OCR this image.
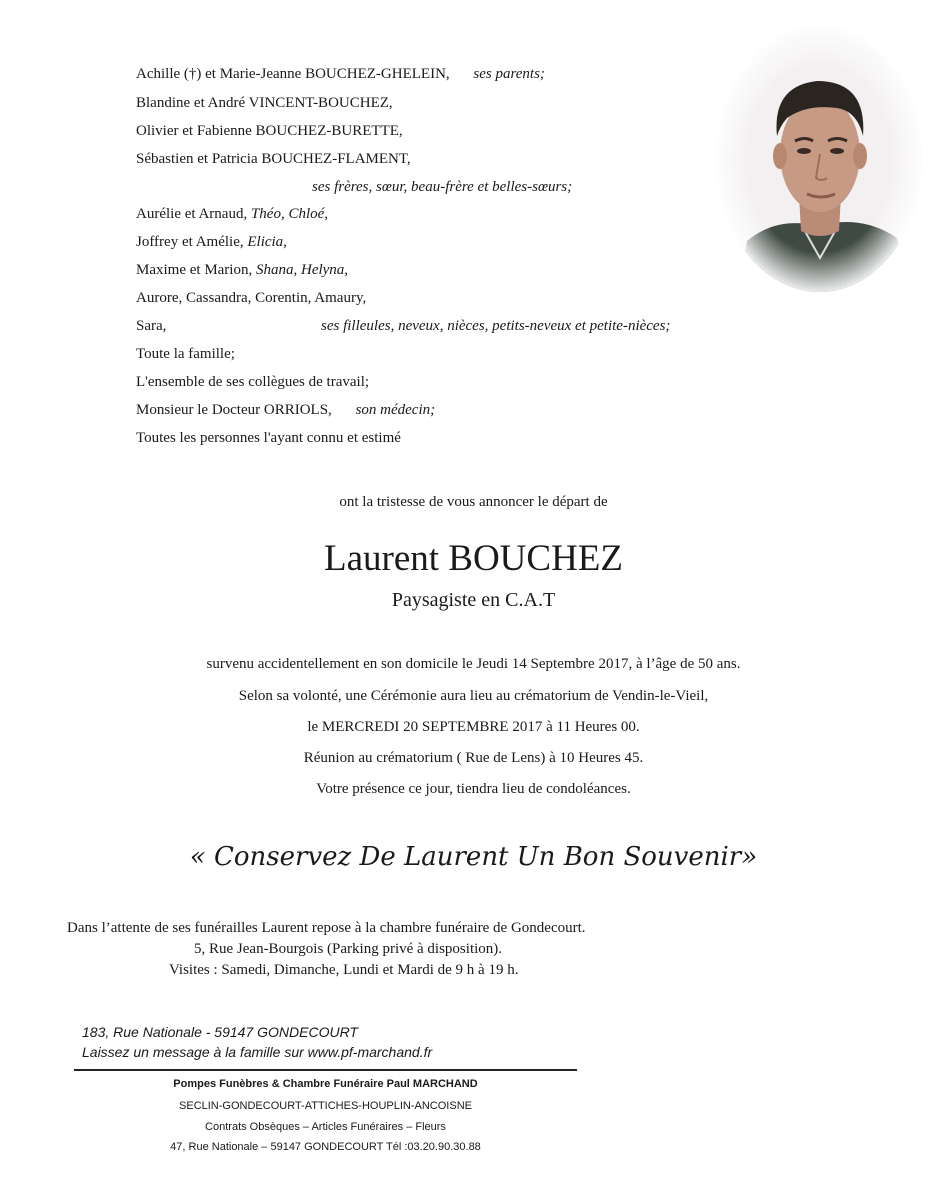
Achille (†) et Marie-Jeanne BOUCHEZ-GHELEIN, ses parents;
Blandine et André VINCENT-BOUCHEZ,
Olivier et Fabienne BOUCHEZ-BURETTE,
Sébastien et Patricia BOUCHEZ-FLAMENT,
ses frères, sœur, beau-frère et belles-sœurs;
Aurélie et Arnaud, Théo, Chloé,
Joffrey et Amélie, Elicia,
Maxime et Marion, Shana, Helyna,
Aurore, Cassandra, Corentin, Amaury,
Sara,	ses filleules, neveux, nièces, petits-neveux et petite-nièces;
Toute la famille;
L'ensemble de ses collègues de travail;
Monsieur le Docteur ORRIOLS, son médecin;
Toutes les personnes l'ayant connu et estimé
ont la tristesse de vous annoncer le départ de
Laurent BOUCHEZ
Paysagiste en C.A.T
survenu accidentellement en son domicile le Jeudi 14 Septembre 2017, à l’âge de 50 ans.
Selon sa volonté, une Cérémonie aura lieu au crématorium de Vendin-le-Vieil,
le MERCREDI 20 SEPTEMBRE 2017 à 11 Heures 00.
Réunion au crématorium ( Rue de Lens) à 10 Heures 45.
Votre présence ce jour, tiendra lieu de condoléances.
« Conservez De Laurent Un Bon Souvenir»
Dans l’attente de ses funérailles Laurent repose à la chambre funéraire de Gondecourt.
5, Rue Jean-Bourgois (Parking privé à disposition).
Visites : Samedi, Dimanche, Lundi et Mardi de 9 h à 19 h.
183, Rue Nationale - 59147 GONDECOURT
Laissez un message à la famille sur www.pf-marchand.fr
Pompes Funèbres & Chambre Funéraire Paul MARCHAND
SECLIN-GONDECOURT-ATTICHES-HOUPLIN-ANCOISNE
Contrats Obsèques – Articles Funéraires – Fleurs
47, Rue Nationale – 59147 GONDECOURT Tél :03.20.90.30.88
